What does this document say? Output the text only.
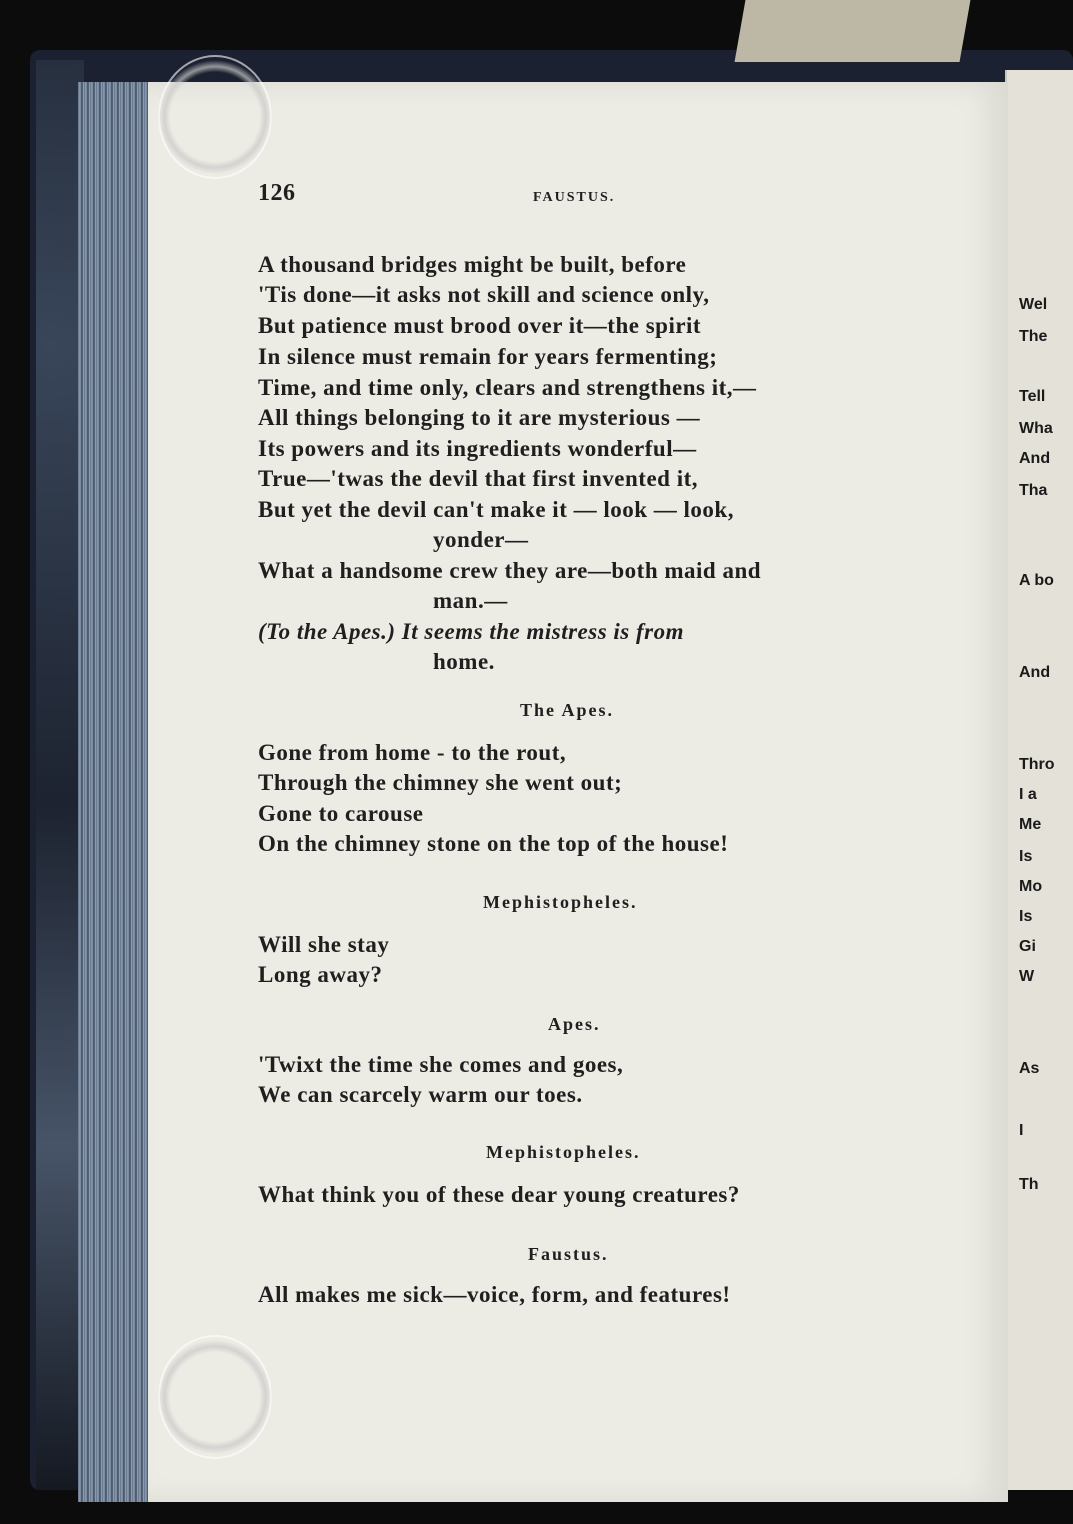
Wel
The
Tell
Wha
And
Tha
A bo
And
Thro
I a
Me
Is
Mo
Is
Gi
W
As
I
Th
126	FAUSTUS.
A thousand bridges might be built, before
'Tis done—it asks not skill and science only,
But patience must brood over it—the spirit
In silence must remain for years fermenting;
Time, and time only, clears and strengthens it,—
All things belonging to it are mysterious —
Its powers and its ingredients wonderful—
True—'twas the devil that first invented it,
But yet the devil can't make it — look — look,
yonder—
What a handsome crew they are—both maid and
man.—
(To the Apes.) It seems the mistress is from
home.
The Apes.
Gone from home - to the rout,
Through the chimney she went out;
Gone to carouse
On the chimney stone on the top of the house!
Mephistopheles.
Will she stay
Long away?
Apes.
'Twixt the time she comes and goes,
We can scarcely warm our toes.
Mephistopheles.
What think you of these dear young creatures?
Faustus.
All makes me sick—voice, form, and features!
